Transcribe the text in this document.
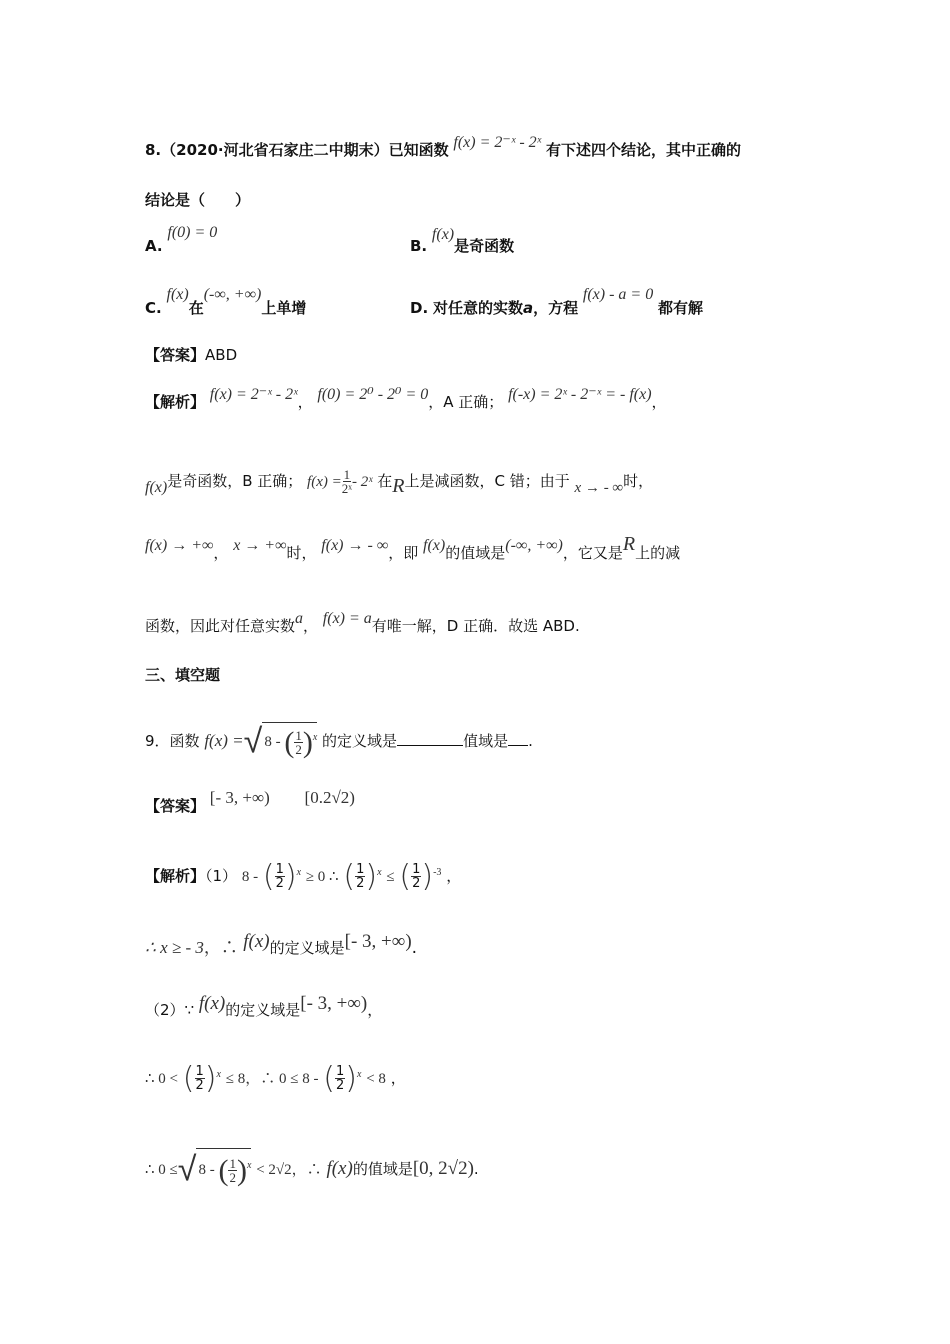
8.（2020·河北省石家庄二中期末）已知函数 f(x) = 2⁻ˣ - 2ˣ 有下述四个结论，其中正确的
结论是（　　）
A. f(0) = 0
B. f(x)是奇函数
C. f(x)在(-∞, +∞)上单增	D. 对任意的实数a，方程 f(x) - a = 0 都有解
【答案】ABD
【解析】 f(x) = 2⁻ˣ - 2ˣ， f(0) = 2⁰ - 2⁰ = 0，A 正确； f(-x) = 2ˣ - 2⁻ˣ = - f(x)，
f(x)是奇函数，B 正确； $f(x) = \frac{1}{\text{2ˣ}}$ - 2ˣ 在R上是减函数，C 错；由于 x → - ∞时，
f(x) → +∞， x → +∞时， f(x) → - ∞，即 f(x)的值域是(-∞, +∞)，它又是R上的减
函数，因此对任意实数a， f(x) = a有唯一解，D 正确．故选 ABD.
三、填空题
9．函数 f(x) =√ 8 - ( $\frac{1}{2} )^x$ 的定义域是	值域是 .
【答案】 [- 3, +∞) [0.2√2)
【解析】（1） 8 - ( $\frac{1}{2} )^x \ge 0$ ∴ ( $\frac{1}{2} )^x$ ≤ ( $\frac{1}{2} )^{-3}$ ，
∴ x ≥ - 3，∴ f(x)的定义域是[- 3, +∞).
（2）∵ f(x)的定义域是[- 3, +∞)，
∴ 0 < ( $\frac{1}{2} )^x \le 8$，∴ 0 ≤ 8 - ( $\frac{1}{2} )^x < 8$ ，
∴ 0 ≤√ 8 - ( $\frac{1}{2} )^x < 2√2$，∴ f(x)的值域是[0, 2√2).
